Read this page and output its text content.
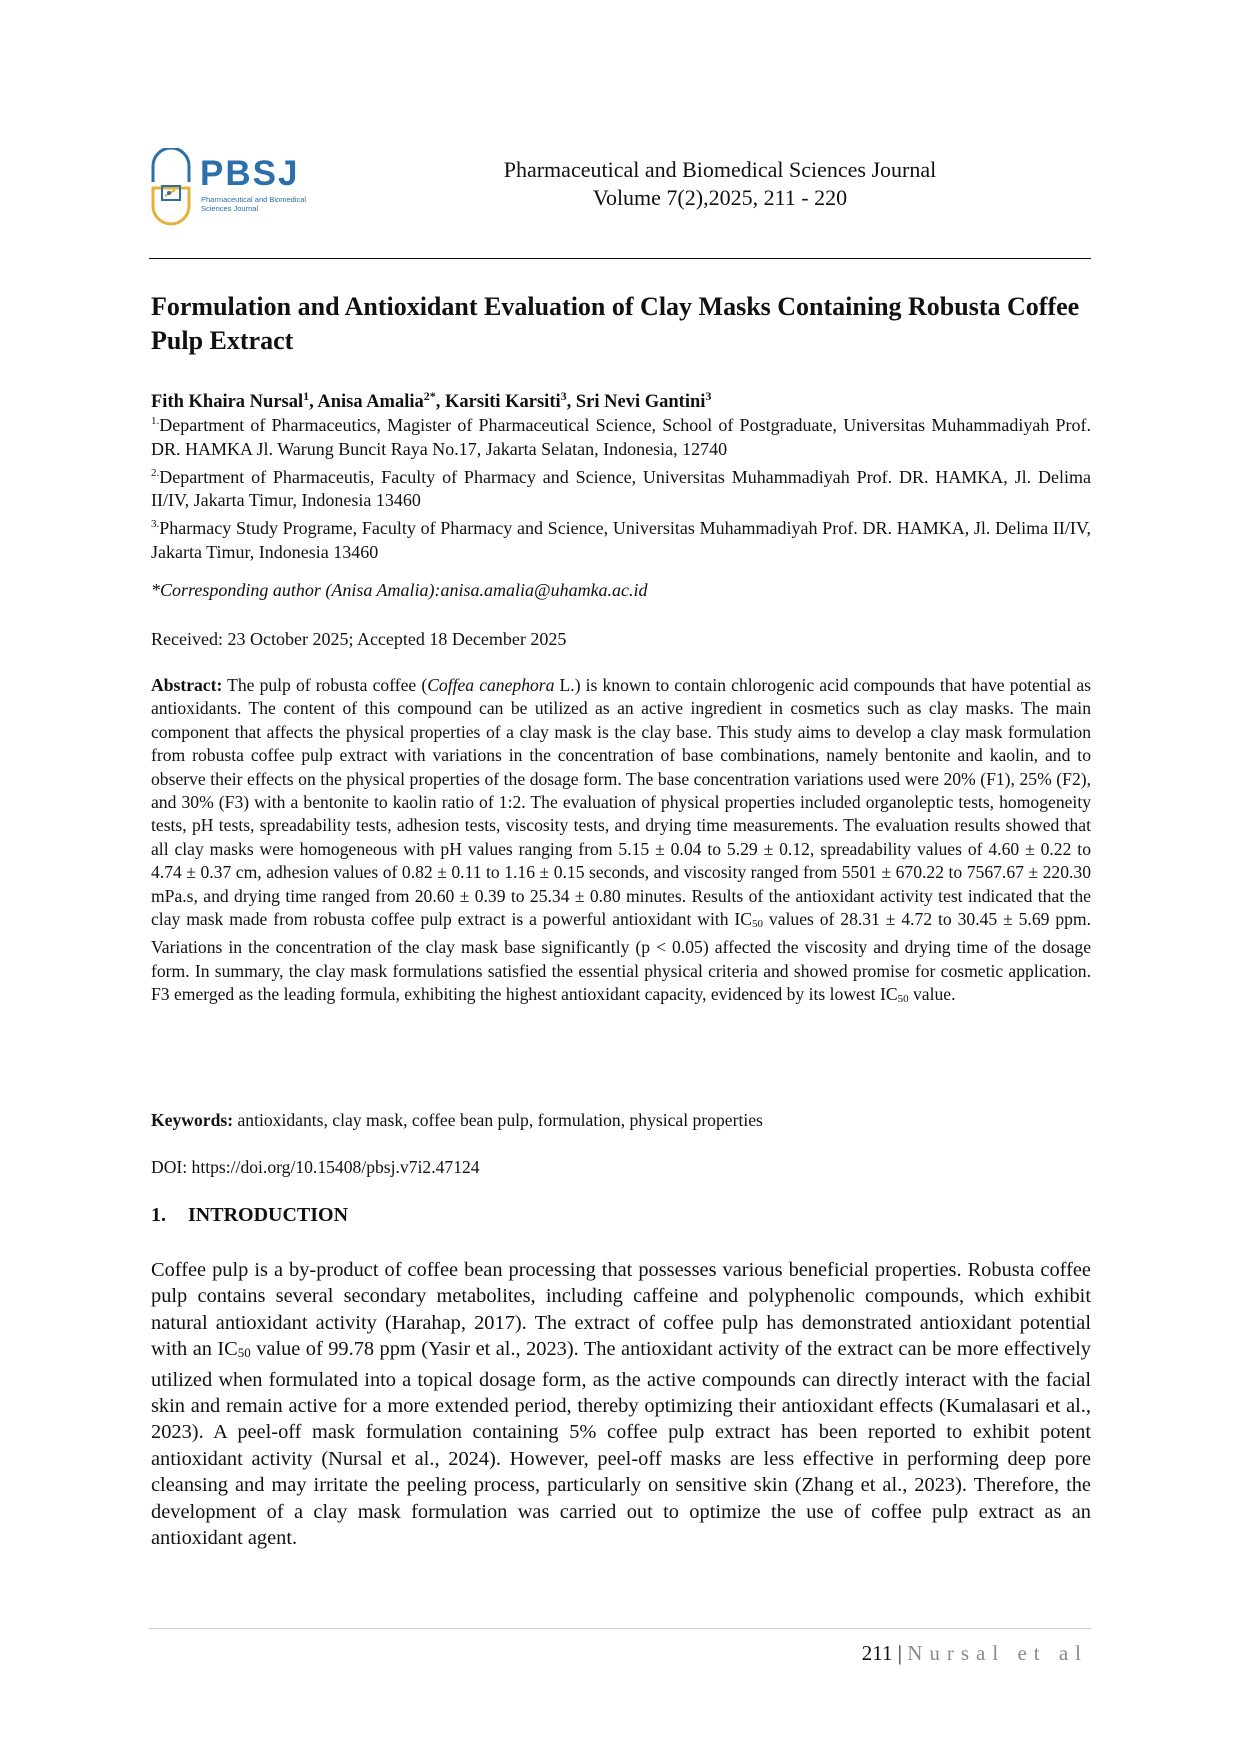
PBSJ
Pharmaceutical and Biomedical Sciences Journal
Pharmaceutical and Biomedical Sciences Journal
Volume 7(2),2025, 211 - 220
Formulation and Antioxidant Evaluation of Clay Masks Containing Robusta Coffee Pulp Extract
Fith Khaira Nursal$^1$, Anisa Amalia$^{2*}$, Karsiti Karsiti$^3$, Sri Nevi Gantini$^3$

$^{1.}$Department of Pharmaceutics, Magister of Pharmaceutical Science, School of Postgraduate, Universitas Muhammadiyah Prof. DR. HAMKA Jl. Warung Buncit Raya No.17, Jakarta Selatan, Indonesia, 12740

$^{2.}$Department of Pharmaceutis, Faculty of Pharmacy and Science, Universitas Muhammadiyah Prof. DR. HAMKA, Jl. Delima II/IV, Jakarta Timur, Indonesia 13460

$^{3.}$Pharmacy Study Programe, Faculty of Pharmacy and Science, Universitas Muhammadiyah Prof. DR. HAMKA, Jl. Delima II/IV, Jakarta Timur, Indonesia 13460

*Corresponding author (Anisa Amalia):anisa.amalia@uhamka.ac.id
Received: 23 October 2025; Accepted 18 December 2025

Abstract: The pulp of robusta coffee (Coffea canephora L.) is known to contain chlorogenic acid compounds that have potential as antioxidants. The content of this compound can be utilized as an active ingredient in cosmetics such as clay masks. The main component that affects the physical properties of a clay mask is the clay base. This study aims to develop a clay mask formulation from robusta coffee pulp extract with variations in the concentration of base combinations, namely bentonite and kaolin, and to observe their effects on the physical properties of the dosage form. The base concentration variations used were 20% (F1), 25% (F2), and 30% (F3) with a bentonite to kaolin ratio of 1:2. The evaluation of physical properties included organoleptic tests, homogeneity tests, pH tests, spreadability tests, adhesion tests, viscosity tests, and drying time measurements. The evaluation results showed that all clay masks were homogeneous with pH values ranging from 5.15 ± 0.04 to 5.29 ± 0.12, spreadability values of 4.60 ± 0.22 to 4.74 ± 0.37 cm, adhesion values of 0.82 ± 0.11 to 1.16 ± 0.15 seconds, and viscosity ranged from 5501 ± 670.22 to 7567.67 ± 220.30 mPa.s, and drying time ranged from 20.60 ± 0.39 to 25.34 ± 0.80 minutes. Results of the antioxidant activity test indicated that the clay mask made from robusta coffee pulp extract is a powerful antioxidant with IC50 values of 28.31 ± 4.72 to 30.45 ± 5.69 ppm. Variations in the concentration of the clay mask base significantly (p < 0.05) affected the viscosity and drying time of the dosage form. In summary, the clay mask formulations satisfied the essential physical criteria and showed promise for cosmetic application. F3 emerged as the leading formula, exhibiting the highest antioxidant capacity, evidenced by its lowest IC50 value.

Keywords: antioxidants, clay mask, coffee bean pulp, formulation, physical properties
DOI: https://doi.org/10.15408/pbsj.v7i2.47124
1. INTRODUCTION

Coffee pulp is a by-product of coffee bean processing that possesses various beneficial properties. Robusta coffee pulp contains several secondary metabolites, including caffeine and polyphenolic compounds, which exhibit natural antioxidant activity (Harahap, 2017). The extract of coffee pulp has demonstrated antioxidant potential with an IC50 value of 99.78 ppm (Yasir et al., 2023). The antioxidant activity of the extract can be more effectively utilized when formulated into a topical dosage form, as the active compounds can directly interact with the facial skin and remain active for a more extended period, thereby optimizing their antioxidant effects (Kumalasari et al., 2023). A peel-off mask formulation containing 5% coffee pulp extract has been reported to exhibit potent antioxidant activity (Nursal et al., 2024). However, peel-off masks are less effective in performing deep pore cleansing and may irritate the peeling process, particularly on sensitive skin (Zhang et al., 2023). Therefore, the development of a clay mask formulation was carried out to optimize the use of coffee pulp extract as an antioxidant agent.

211 | Nursal et al
